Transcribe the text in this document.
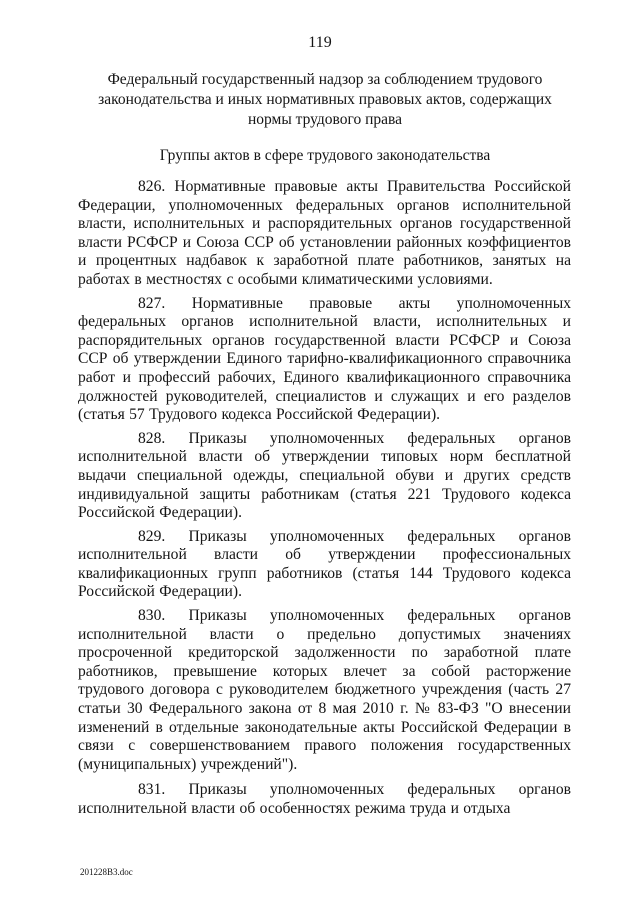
119
Федеральный государственный надзор за соблюдением трудового законодательства и иных нормативных правовых актов, содержащих нормы трудового права
Группы актов в сфере трудового законодательства

826. Нормативные правовые акты Правительства Российской Федерации, уполномоченных федеральных органов исполнительной власти, исполнительных и распорядительных органов государственной власти РСФСР и Союза ССР об установлении районных коэффициентов и процентных надбавок к заработной плате работников, занятых на работах в местностях с особыми климатическими условиями.

827. Нормативные правовые акты уполномоченных федеральных органов исполнительной власти, исполнительных и распорядительных органов государственной власти РСФСР и Союза ССР об утверждении Единого тарифно-квалификационного справочника работ и профессий рабочих, Единого квалификационного справочника должностей руководителей, специалистов и служащих и его разделов (статья 57 Трудового кодекса Российской Федерации).

828. Приказы уполномоченных федеральных органов исполнительной власти об утверждении типовых норм бесплатной выдачи специальной одежды, специальной обуви и других средств индивидуальной защиты работникам (статья 221 Трудового кодекса Российской Федерации).

829. Приказы уполномоченных федеральных органов исполнительной власти об утверждении профессиональных квалификационных групп работников (статья 144 Трудового кодекса Российской Федерации).

830. Приказы уполномоченных федеральных органов исполнительной власти о предельно допустимых значениях просроченной кредиторской задолженности по заработной плате работников, превышение которых влечет за собой расторжение трудового договора с руководителем бюджетного учреждения (часть 27 статьи 30 Федерального закона от 8 мая 2010 г. № 83-ФЗ "О внесении изменений в отдельные законодательные акты Российской Федерации в связи с совершенствованием правого положения государственных (муниципальных) учреждений").

831. Приказы уполномоченных федеральных органов исполнительной власти об особенностях режима труда и отдыха

201228В3.doc
